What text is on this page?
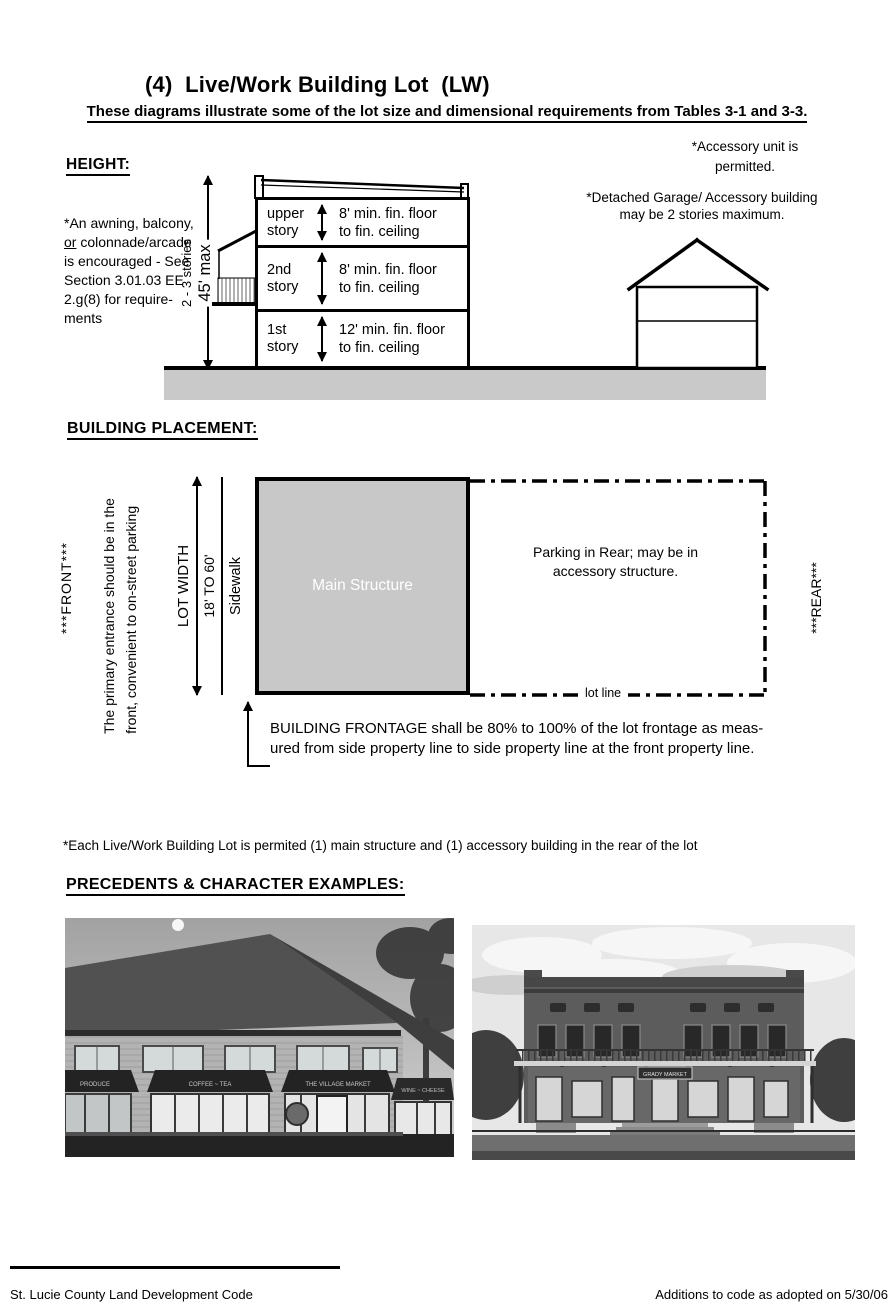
(4)  Live/Work Building Lot  (LW)
These diagrams illustrate some of the lot size and dimensional requirements from Tables 3-1 and 3-3.
HEIGHT:
*An awning, balcony,
or colonnade/arcade
is encouraged - See
Section 3.01.03 EE
2.g(8) for require-
ments
2 - 3 stories 45' max
upper
story
8' min. fin. floor
to fin. ceiling
2nd
story
8' min. fin. floor
to fin. ceiling
1st
story
12' min. fin. floor
to fin. ceiling
*Accessory unit is
permitted.
*Detached Garage/ Accessory building
may be 2 stories maximum.
BUILDING PLACEMENT:
***FRONT*** The primary entrance should be in the front, convenient to on-street parking LOT WIDTH 18' TO 60' Sidewalk	Main Structure
Parking in Rear; may be in
accessory structure.
lot line
***REAR***
BUILDING FRONTAGE shall be 80% to 100% of the lot frontage as meas-
ured from side property line to side property line at the front property line.
*Each Live/Work Building Lot is permited (1) main structure and (1) accessory building in the rear of the lot
PRECEDENTS & CHARACTER EXAMPLES:
PRODUCE	COFFEE ~ TEA	THE VILLAGE MARKET
WINE ~ CHEESE
GRADY MARKET
St. Lucie County Land Development Code	Additions to code as adopted on 5/30/06
